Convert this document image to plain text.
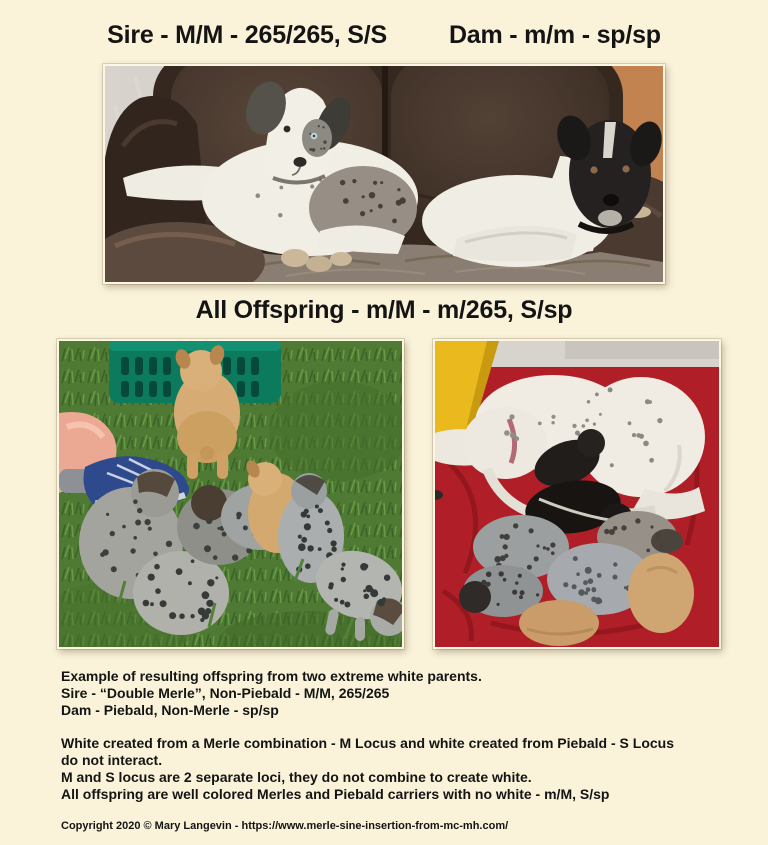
Sire - M/M - 265/265, S/S Dam - m/m - sp/sp
All Offspring - m/M - m/265, S/sp
Example of resulting offspring from two extreme white parents.
Sire - “Double Merle”, Non-Piebald - M/M, 265/265
Dam - Piebald, Non-Merle - sp/sp
White created from a Merle combination - M Locus and white created from Piebald - S Locus
do not interact.
M and S locus are 2 separate loci, they do not combine to create white.
All offspring are well colored Merles and Piebald carriers with no white - m/M, S/sp
Copyright 2020 © Mary Langevin - https://www.merle-sine-insertion-from-mc-mh.com/
